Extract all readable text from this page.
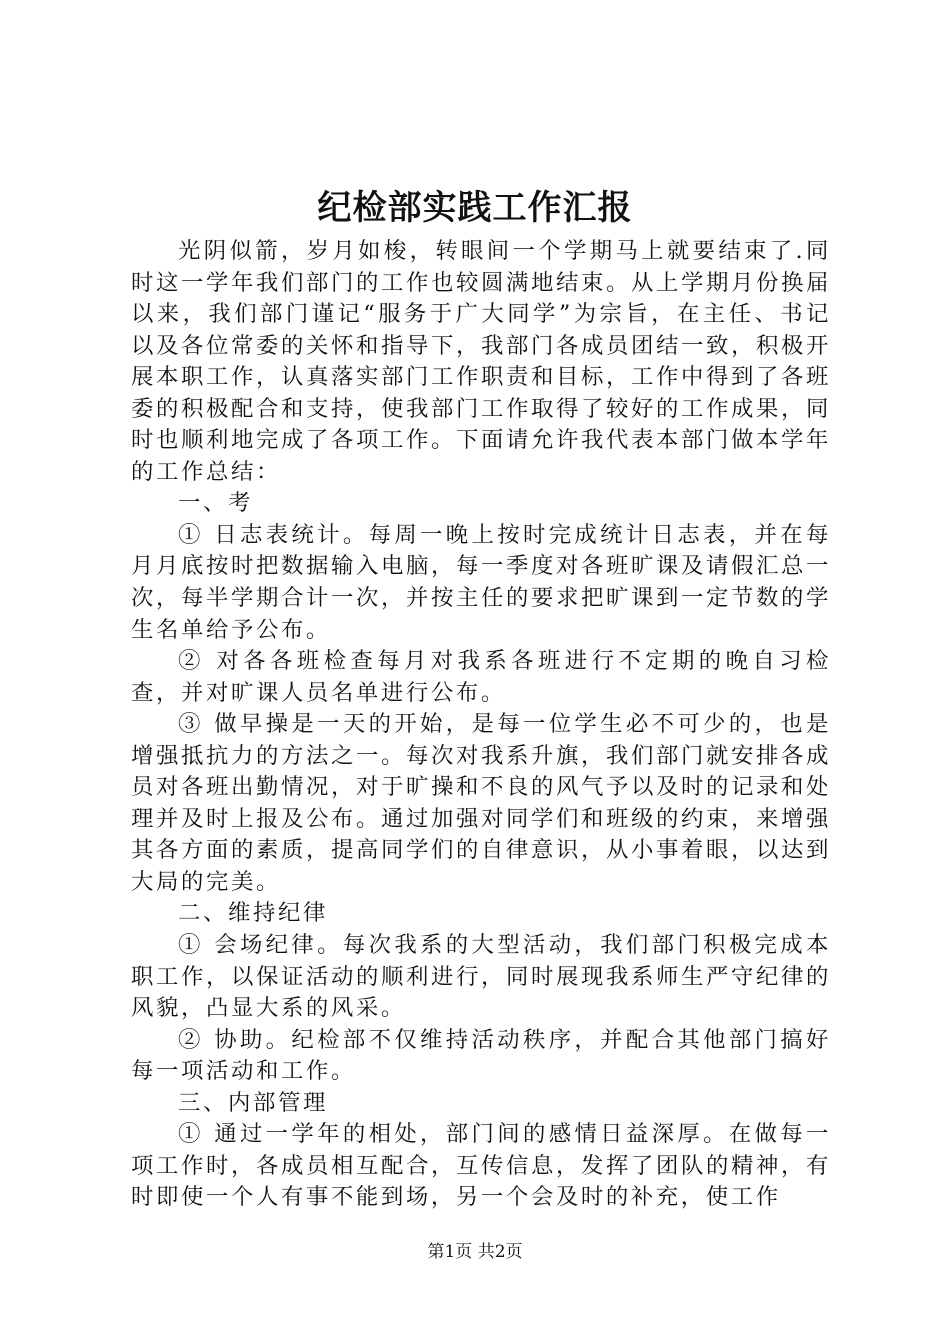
纪检部实践工作汇报

光阴似箭，岁月如梭，转眼间一个学期马上就要结束了.同时这一学年我们部门的工作也较圆满地结束。从上学期月份换届以来，我们部门谨记“服务于广大同学”为宗旨，在主任、书记以及各位常委的关怀和指导下，我部门各成员团结一致，积极开展本职工作，认真落实部门工作职责和目标，工作中得到了各班委的积极配合和支持，使我部门工作取得了较好的工作成果，同时也顺利地完成了各项工作。下面请允许我代表本部门做本学年的工作总结：

一、考

① 日志表统计。每周一晚上按时完成统计日志表，并在每月月底按时把数据输入电脑，每一季度对各班旷课及请假汇总一次，每半学期合计一次，并按主任的要求把旷课到一定节数的学生名单给予公布。

② 对各各班检查每月对我系各班进行不定期的晚自习检查，并对旷课人员名单进行公布。

③ 做早操是一天的开始，是每一位学生必不可少的，也是增强抵抗力的方法之一。每次对我系升旗，我们部门就安排各成员对各班出勤情况，对于旷操和不良的风气予以及时的记录和处理并及时上报及公布。通过加强对同学们和班级的约束，来增强其各方面的素质，提高同学们的自律意识，从小事着眼，以达到大局的完美。

二、维持纪律

① 会场纪律。每次我系的大型活动，我们部门积极完成本职工作，以保证活动的顺利进行，同时展现我系师生严守纪律的风貌，凸显大系的风采。

② 协助。纪检部不仅维持活动秩序，并配合其他部门搞好每一项活动和工作。

三、内部管理

① 通过一学年的相处，部门间的感情日益深厚。在做每一项工作时，各成员相互配合，互传信息，发挥了团队的精神，有时即使一个人有事不能到场，另一个会及时的补充，使工作

第1页 共2页
